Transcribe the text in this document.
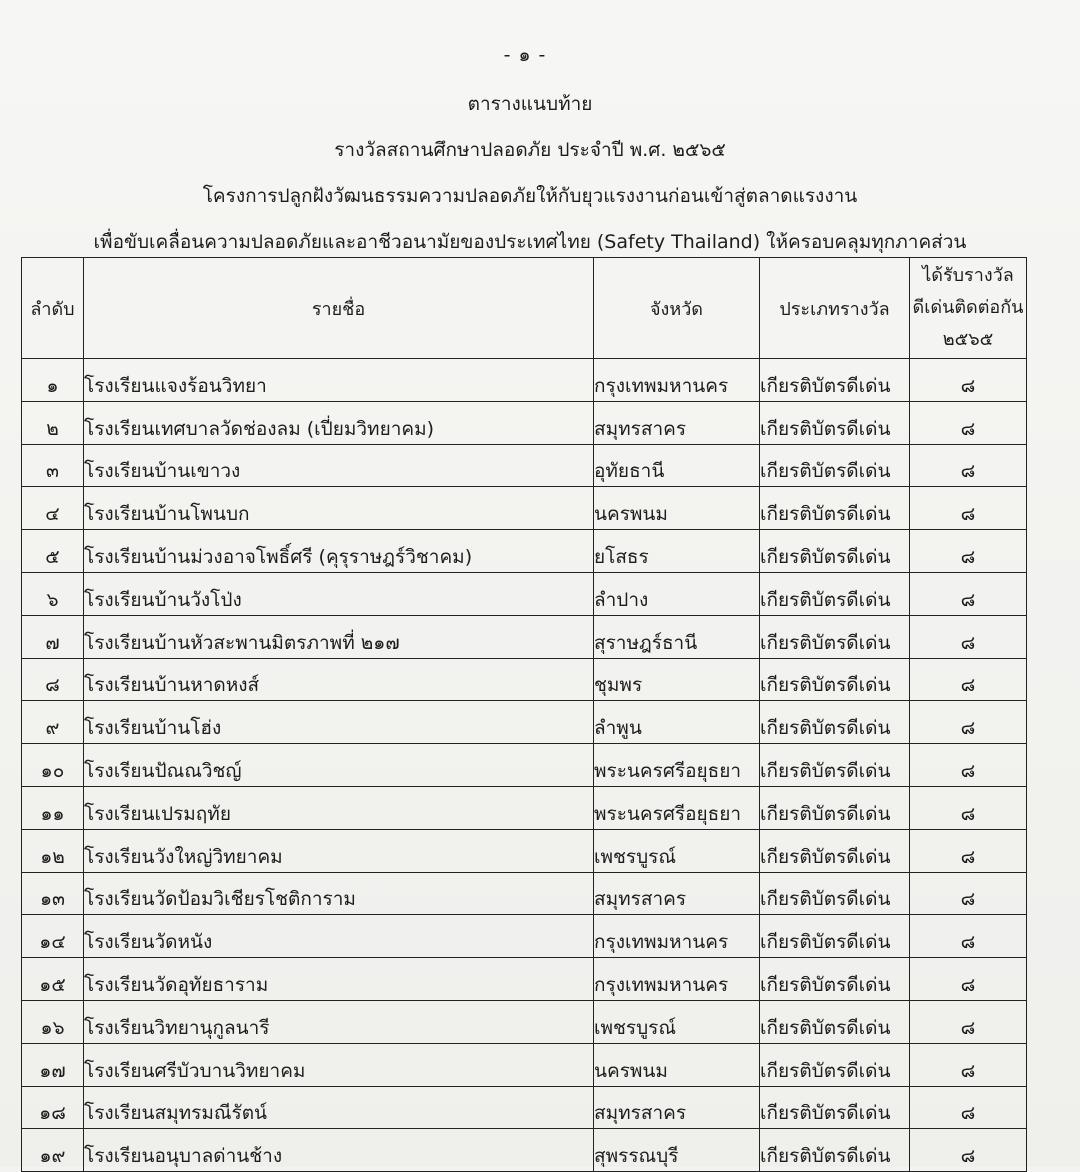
- ๑ -
ตารางแนบท้าย
รางวัลสถานศึกษาปลอดภัย ประจำปี พ.ศ. ๒๕๖๕
โครงการปลูกฝังวัฒนธรรมความปลอดภัยให้กับยุวแรงงานก่อนเข้าสู่ตลาดแรงงาน
เพื่อขับเคลื่อนความปลอดภัยและอาชีวอนามัยของประเทศไทย (Safety Thailand) ให้ครอบคลุมทุกภาคส่วน
ลำดับ	รายชื่อ	จังหวัด	ประเภทรางวัล	ได้รับรางวัล
ดีเด่นติดต่อกัน
๒๕๖๕

๑	โรงเรียนแจงร้อนวิทยา	กรุงเทพมหานคร	เกียรติบัตรดีเด่น	๘
๒	โรงเรียนเทศบาลวัดช่องลม (เปี่ยมวิทยาคม)	สมุทรสาคร	เกียรติบัตรดีเด่น	๘
๓	โรงเรียนบ้านเขาวง	อุทัยธานี	เกียรติบัตรดีเด่น	๘
๔	โรงเรียนบ้านโพนบก	นครพนม	เกียรติบัตรดีเด่น	๘
๕	โรงเรียนบ้านม่วงอาจโพธิ์ศรี (คุรุราษฎร์วิชาคม)	ยโสธร	เกียรติบัตรดีเด่น	๘
๖	โรงเรียนบ้านวังโป่ง	ลำปาง	เกียรติบัตรดีเด่น	๘
๗	โรงเรียนบ้านหัวสะพานมิตรภาพที่ ๒๑๗	สุราษฎร์ธานี	เกียรติบัตรดีเด่น	๘
๘	โรงเรียนบ้านหาดหงส์	ชุมพร	เกียรติบัตรดีเด่น	๘
๙	โรงเรียนบ้านโฮ่ง	ลำพูน	เกียรติบัตรดีเด่น	๘
๑๐	โรงเรียนปัณณวิชญ์	พระนครศรีอยุธยา	เกียรติบัตรดีเด่น	๘
๑๑	โรงเรียนเปรมฤทัย	พระนครศรีอยุธยา	เกียรติบัตรดีเด่น	๘
๑๒	โรงเรียนวังใหญ่วิทยาคม	เพชรบูรณ์	เกียรติบัตรดีเด่น	๘
๑๓	โรงเรียนวัดป้อมวิเชียรโชติการาม	สมุทรสาคร	เกียรติบัตรดีเด่น	๘
๑๔	โรงเรียนวัดหนัง	กรุงเทพมหานคร	เกียรติบัตรดีเด่น	๘
๑๕	โรงเรียนวัดอุทัยธาราม	กรุงเทพมหานคร	เกียรติบัตรดีเด่น	๘
๑๖	โรงเรียนวิทยานุกูลนารี	เพชรบูรณ์	เกียรติบัตรดีเด่น	๘
๑๗	โรงเรียนศรีบัวบานวิทยาคม	นครพนม	เกียรติบัตรดีเด่น	๘
๑๘	โรงเรียนสมุทรมณีรัตน์	สมุทรสาคร	เกียรติบัตรดีเด่น	๘
๑๙	โรงเรียนอนุบาลด่านช้าง	สุพรรณบุรี	เกียรติบัตรดีเด่น	๘
